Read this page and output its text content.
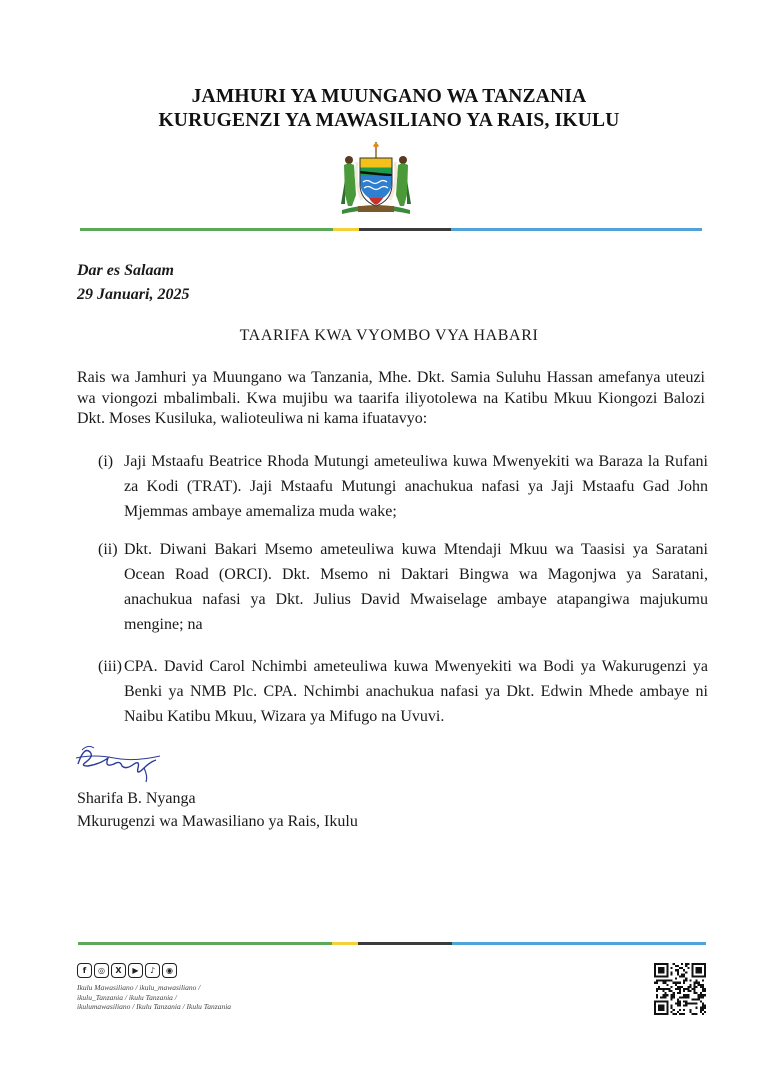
JAMHURI YA MUUNGANO WA TANZANIA
KURUGENZI YA MAWASILIANO YA RAIS, IKULU
Dar es Salaam
29 Januari, 2025
TAARIFA KWA VYOMBO VYA HABARI
Rais wa Jamhuri ya Muungano wa Tanzania, Mhe. Dkt. Samia Suluhu Hassan amefanya uteuzi wa viongozi mbalimbali. Kwa mujibu wa taarifa iliyotolewa na Katibu Mkuu Kiongozi Balozi Dkt. Moses Kusiluka, walioteuliwa ni kama ifuatavyo:
(i) Jaji Mstaafu Beatrice Rhoda Mutungi ameteuliwa kuwa Mwenyekiti wa Baraza la Rufani za Kodi (TRAT). Jaji Mstaafu Mutungi anachukua nafasi ya Jaji Mstaafu Gad John Mjemmas ambaye amemaliza muda wake;
(ii) Dkt. Diwani Bakari Msemo ameteuliwa kuwa Mtendaji Mkuu wa Taasisi ya Saratani Ocean Road (ORCI). Dkt. Msemo ni Daktari Bingwa wa Magonjwa ya Saratani, anachukua nafasi ya Dkt. Julius David Mwaiselage ambaye atapangiwa majukumu mengine; na
(iii) CPA. David Carol Nchimbi ameteuliwa kuwa Mwenyekiti wa Bodi ya Wakurugenzi ya Benki ya NMB Plc. CPA. Nchimbi anachukua nafasi ya Dkt. Edwin Mhede ambaye ni Naibu Katibu Mkuu, Wizara ya Mifugo na Uvuvi.
Sharifa B. Nyanga
Mkurugenzi wa Mawasiliano ya Rais, Ikulu
f	◎	X	▶	♪	◉
Ikulu Mawasiliano / ikulu_mawasiliano /
ikulu_Tanzania / ikulu Tanzania /
ikulumawasiliano / Ikulu Tanzania / Ikulu Tanzania
